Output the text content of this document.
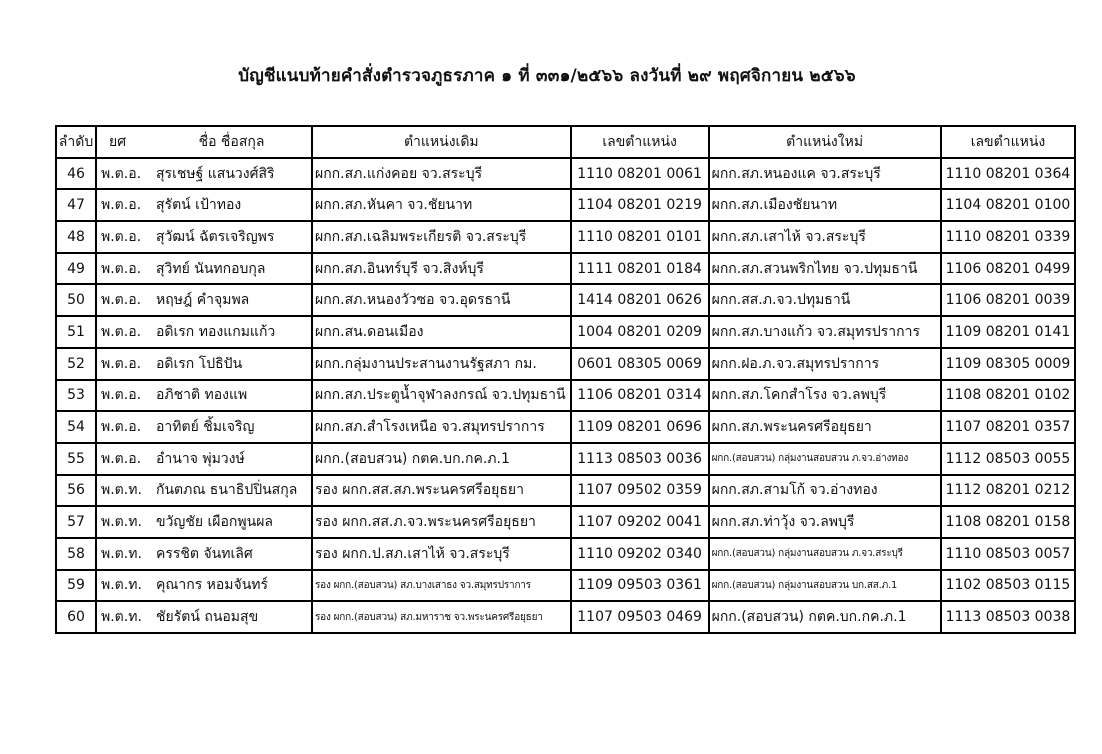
บัญชีแนบท้ายคำสั่งตำรวจภูธรภาค ๑ ที่ ๓๓๑/๒๕๖๖ ลงวันที่ ๒๙ พฤศจิกายน ๒๕๖๖
ลำดับ	ยศ	ชื่อ ชื่อสกุล	ตำแหน่งเดิม	เลขตำแหน่ง	ตำแหน่งใหม่	เลขตำแหน่ง
46	พ.ต.อ.	สุรเชษฐ์ แสนวงศ์สิริ	ผกก.สภ.แก่งคอย จว.สระบุรี	1110 08201 0061	ผกก.สภ.หนองแค จว.สระบุรี	1110 08201 0364
47	พ.ต.อ.	สุรัตน์ เป้าทอง	ผกก.สภ.หันคา จว.ชัยนาท	1104 08201 0219	ผกก.สภ.เมืองชัยนาท	1104 08201 0100
48	พ.ต.อ.	สุวัฒน์ ฉัตรเจริญพร	ผกก.สภ.เฉลิมพระเกียรติ จว.สระบุรี	1110 08201 0101	ผกก.สภ.เสาไห้ จว.สระบุรี	1110 08201 0339
49	พ.ต.อ.	สุวิทย์ นันทกอบกุล	ผกก.สภ.อินทร์บุรี จว.สิงห์บุรี	1111 08201 0184	ผกก.สภ.สวนพริกไทย จว.ปทุมธานี	1106 08201 0499
50	พ.ต.อ.	หฤษฎ์ คำจุมพล	ผกก.สภ.หนองวัวซอ จว.อุดรธานี	1414 08201 0626	ผกก.สส.ภ.จว.ปทุมธานี	1106 08201 0039
51	พ.ต.อ.	อดิเรก ทองแกมแก้ว	ผกก.สน.ดอนเมือง	1004 08201 0209	ผกก.สภ.บางแก้ว จว.สมุทรปราการ	1109 08201 0141
52	พ.ต.อ.	อดิเรก โปธิปัน	ผกก.กลุ่มงานประสานงานรัฐสภา กม.	0601 08305 0069	ผกก.ฝอ.ภ.จว.สมุทรปราการ	1109 08305 0009
53	พ.ต.อ.	อภิชาติ ทองแพ	ผกก.สภ.ประตูน้ำจุฬาลงกรณ์ จว.ปทุมธานี	1106 08201 0314	ผกก.สภ.โคกสำโรง จว.ลพบุรี	1108 08201 0102
54	พ.ต.อ.	อาทิตย์ ชิ้มเจริญ	ผกก.สภ.สำโรงเหนือ จว.สมุทรปราการ	1109 08201 0696	ผกก.สภ.พระนครศรีอยุธยา	1107 08201 0357
55	พ.ต.อ.	อำนาจ พุ่มวงษ์	ผกก.(สอบสวน) กตค.บก.กค.ภ.1	1113 08503 0036	ผกก.(สอบสวน) กลุ่มงานสอบสวน ภ.จว.อ่างทอง	1112 08503 0055
56	พ.ต.ท.	กันตภณ ธนาธิปปิ่นสกุล	รอง ผกก.สส.สภ.พระนครศรีอยุธยา	1107 09502 0359	ผกก.สภ.สามโก้ จว.อ่างทอง	1112 08201 0212
57	พ.ต.ท.	ขวัญชัย เผือกพูนผล	รอง ผกก.สส.ภ.จว.พระนครศรีอยุธยา	1107 09202 0041	ผกก.สภ.ท่าวุ้ง จว.ลพบุรี	1108 08201 0158
58	พ.ต.ท.	ครรชิต จันทเลิศ	รอง ผกก.ป.สภ.เสาไห้ จว.สระบุรี	1110 09202 0340	ผกก.(สอบสวน) กลุ่มงานสอบสวน ภ.จว.สระบุรี	1110 08503 0057
59	พ.ต.ท.	คุณากร หอมจันทร์	รอง ผกก.(สอบสวน) สภ.บางเสาธง จว.สมุทรปราการ	1109 09503 0361	ผกก.(สอบสวน) กลุ่มงานสอบสวน บก.สส.ภ.1	1102 08503 0115
60	พ.ต.ท.	ชัยรัตน์ ถนอมสุข	รอง ผกก.(สอบสวน) สภ.มหาราช จว.พระนครศรีอยุธยา	1107 09503 0469	ผกก.(สอบสวน) กตค.บก.กค.ภ.1	1113 08503 0038
